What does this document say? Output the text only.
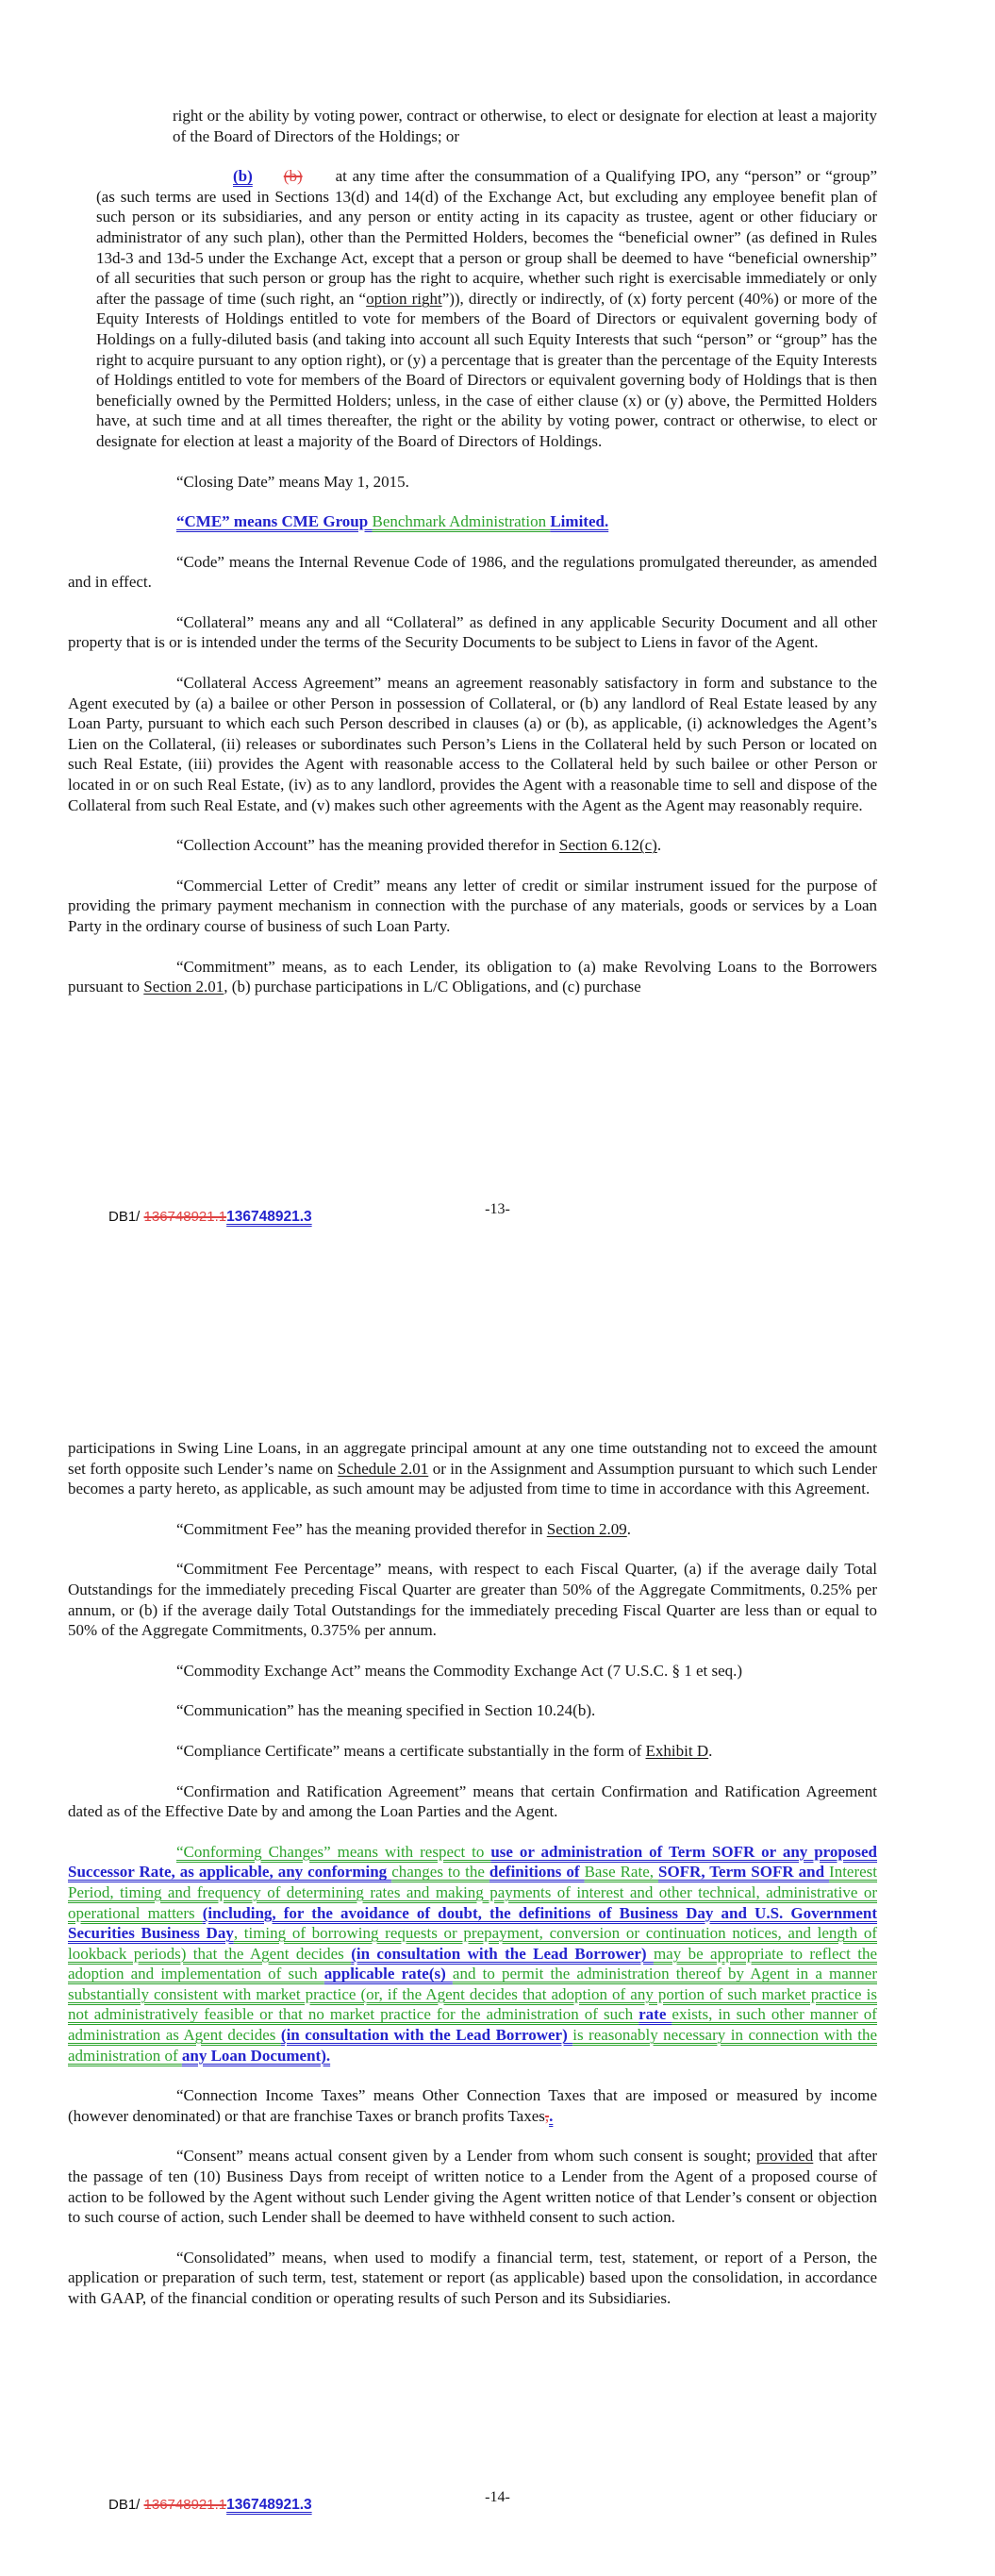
right or the ability by voting power, contract or otherwise, to elect or designate for election at least a majority of the Board of Directors of the Holdings; or
(b) (b) at any time after the consummation of a Qualifying IPO, any “person” or “group” (as such terms are used in Sections 13(d) and 14(d) of the Exchange Act, but excluding any employee benefit plan of such person or its subsidiaries, and any person or entity acting in its capacity as trustee, agent or other fiduciary or administrator of any such plan), other than the Permitted Holders, becomes the “beneficial owner” (as defined in Rules 13d-3 and 13d-5 under the Exchange Act, except that a person or group shall be deemed to have “beneficial ownership” of all securities that such person or group has the right to acquire, whether such right is exercisable immediately or only after the passage of time (such right, an “option right”)), directly or indirectly, of (x) forty percent (40%) or more of the Equity Interests of Holdings entitled to vote for members of the Board of Directors or equivalent governing body of Holdings on a fully-diluted basis (and taking into account all such Equity Interests that such “person” or “group” has the right to acquire pursuant to any option right), or (y) a percentage that is greater than the percentage of the Equity Interests of Holdings entitled to vote for members of the Board of Directors or equivalent governing body of Holdings that is then beneficially owned by the Permitted Holders; unless, in the case of either clause (x) or (y) above, the Permitted Holders have, at such time and at all times thereafter, the right or the ability by voting power, contract or otherwise, to elect or designate for election at least a majority of the Board of Directors of Holdings.
“Closing Date” means May 1, 2015.
“CME” means CME Group Benchmark Administration Limited.
“Code” means the Internal Revenue Code of 1986, and the regulations promulgated thereunder, as amended and in effect.
“Collateral” means any and all “Collateral” as defined in any applicable Security Document and all other property that is or is intended under the terms of the Security Documents to be subject to Liens in favor of the Agent.
“Collateral Access Agreement” means an agreement reasonably satisfactory in form and substance to the Agent executed by (a) a bailee or other Person in possession of Collateral, or (b) any landlord of Real Estate leased by any Loan Party, pursuant to which each such Person described in clauses (a) or (b), as applicable, (i) acknowledges the Agent’s Lien on the Collateral, (ii) releases or subordinates such Person’s Liens in the Collateral held by such Person or located on such Real Estate, (iii) provides the Agent with reasonable access to the Collateral held by such bailee or other Person or located in or on such Real Estate, (iv) as to any landlord, provides the Agent with a reasonable time to sell and dispose of the Collateral from such Real Estate, and (v) makes such other agreements with the Agent as the Agent may reasonably require.
“Collection Account” has the meaning provided therefor in Section 6.12(c).
“Commercial Letter of Credit” means any letter of credit or similar instrument issued for the purpose of providing the primary payment mechanism in connection with the purchase of any materials, goods or services by a Loan Party in the ordinary course of business of such Loan Party.
“Commitment” means, as to each Lender, its obligation to (a) make Revolving Loans to the Borrowers pursuant to Section 2.01, (b) purchase participations in L/C Obligations, and (c) purchase
-13-
DB1/ 136748921.1136748921.3
participations in Swing Line Loans, in an aggregate principal amount at any one time outstanding not to exceed the amount set forth opposite such Lender’s name on Schedule 2.01 or in the Assignment and Assumption pursuant to which such Lender becomes a party hereto, as applicable, as such amount may be adjusted from time to time in accordance with this Agreement.
“Commitment Fee” has the meaning provided therefor in Section 2.09.
“Commitment Fee Percentage” means, with respect to each Fiscal Quarter, (a) if the average daily Total Outstandings for the immediately preceding Fiscal Quarter are greater than 50% of the Aggregate Commitments, 0.25% per annum, or (b) if the average daily Total Outstandings for the immediately preceding Fiscal Quarter are less than or equal to 50% of the Aggregate Commitments, 0.375% per annum.
“Commodity Exchange Act” means the Commodity Exchange Act (7 U.S.C. § 1 et seq.)
“Communication” has the meaning specified in Section 10.24(b).
“Compliance Certificate” means a certificate substantially in the form of Exhibit D.
“Confirmation and Ratification Agreement” means that certain Confirmation and Ratification Agreement dated as of the Effective Date by and among the Loan Parties and the Agent.
“Conforming Changes” means with respect to use or administration of Term SOFR or any proposed Successor Rate, as applicable, any conforming changes to the definitions of Base Rate, SOFR, Term SOFR and Interest Period, timing and frequency of determining rates and making payments of interest and other technical, administrative or operational matters (including, for the avoidance of doubt, the definitions of Business Day and U.S. Government Securities Business Day, timing of borrowing requests or prepayment, conversion or continuation notices, and length of lookback periods) that the Agent decides (in consultation with the Lead Borrower) may be appropriate to reflect the adoption and implementation of such applicable rate(s) and to permit the administration thereof by Agent in a manner substantially consistent with market practice (or, if the Agent decides that adoption of any portion of such market practice is not administratively feasible or that no market practice for the administration of such rate exists, in such other manner of administration as Agent decides (in consultation with the Lead Borrower) is reasonably necessary in connection with the administration of any Loan Document).
“Connection Income Taxes” means Other Connection Taxes that are imposed or measured by income (however denominated) or that are franchise Taxes or branch profits Taxes,.
“Consent” means actual consent given by a Lender from whom such consent is sought; provided that after the passage of ten (10) Business Days from receipt of written notice to a Lender from the Agent of a proposed course of action to be followed by the Agent without such Lender giving the Agent written notice of that Lender’s consent or objection to such course of action, such Lender shall be deemed to have withheld consent to such action.
“Consolidated” means, when used to modify a financial term, test, statement, or report of a Person, the application or preparation of such term, test, statement or report (as applicable) based upon the consolidation, in accordance with GAAP, of the financial condition or operating results of such Person and its Subsidiaries.
-14-
DB1/ 136748921.1136748921.3
